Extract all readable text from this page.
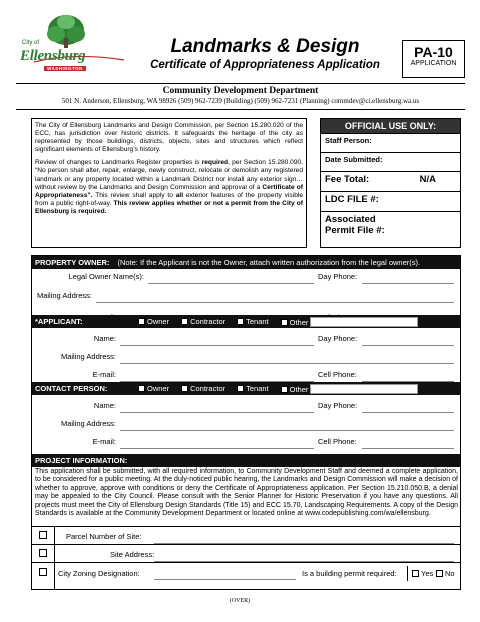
City of
Ellensburg
WASHINGTON
Landmarks & Design
Certificate of Appropriateness Application
PA-10
APPLICATION
Community Development Department
501 N. Anderson, Ellensburg, WA 98926 (509) 962-7239 (Building) (509) 962-7231 (Planning) commdev@ci.ellensburg.wa.us

The City of Ellensburg Landmarks and Design Commission, per Section 15.280.020 of the ECC, has jurisdiction over historic districts. It safeguards the heritage of the city as represented by those buildings, districts, objects, sites and structures which reflect significant elements of Ellensburg’s history.

Review of changes to Landmarks Register properties is required, per Section 15.280.090. “No person shall alter, repair, enlarge, newly construct, relocate or demolish any registered landmark or any property located within a Landmark District nor install any exterior sign…without review by the Landmarks and Design Commission and approval of a Certificate of Appropriateness”. This review shall apply to all exterior features of the property visible from a public right-of-way. This review applies whether or not a permit from the City of Ellensburg is required.

OFFICIAL USE ONLY:
Staff Person:
Date Submitted:
Fee Total:	N/A
LDC FILE #:
Associated Permit File #:
PROPERTY OWNER: (Note: If the Applicant is not the Owner, attach written authorization from the legal owner(s).
Legal Owner Name(s):	Day Phone:
Mailing Address:
*APPLICANT:	Owner	Contractor	Tenant	Other
Name:	Day Phone:
Mailing Address:
E-mail:	Cell Phone:
CONTACT PERSON:	Owner	Contractor	Tenant	Other
Name:	Day Phone:
Mailing Address:
E-mail:	Cell Phone:
PROJECT INFORMATION:
This application shall be submitted, with all required information, to Community Development Staff and deemed a complete application, to be considered for a public meeting. At the duly-noticed public hearing, the Landmarks and Design Commission will make a decision of whether to approve, approve with conditions or deny the Certificate of Appropriateness application. Per Section 15.210.050.B, a denial may be appealed to the City Council. Please consult with the Senior Planner for Historic Preservation if you have any questions. All projects must meet the City of Ellensburg Design Standards (Title 15) and ECC 15.70, Landscaping Requirements. A copy of the Design Standards is available at the Community Development Department or located online at www.codepublishing.com/wa/ellensburg.
Parcel Number of Site:
Site Address:
City Zoning Designation:	Is a building permit required:	Yes	No
(OVER)
